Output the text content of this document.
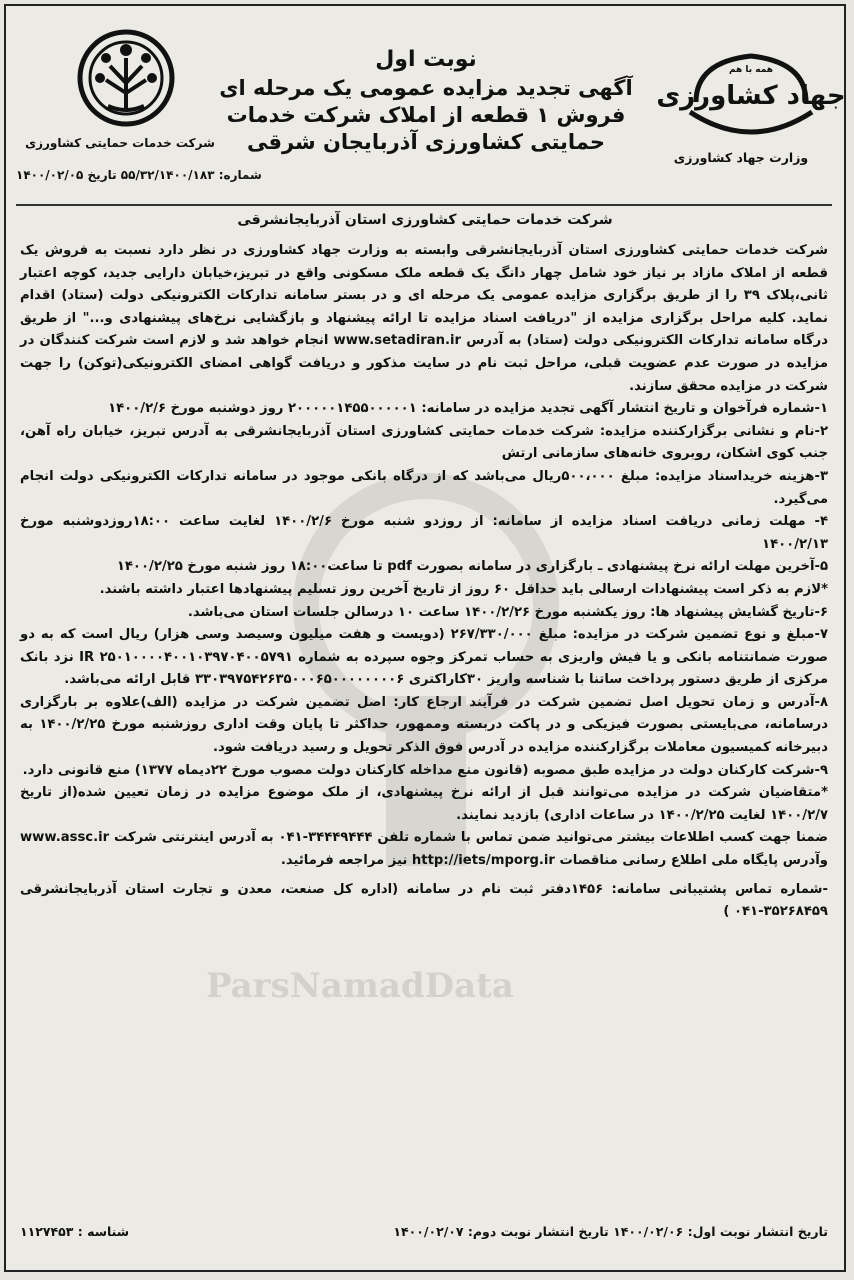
شرکت خدمات حمایتی کشاورزی
شماره: ۵۵/۳۲/۱۴۰۰/۱۸۳ تاریخ ۱۴۰۰/۰۲/۰۵
جهاد کشاورزی
همه با هم
وزارت جهاد کشاورزی
نوبت اول
آگهی تجدید مزایده عمومی یک مرحله ای
فروش ۱ قطعه از املاک شرکت خدمات
حمایتی کشاورزی آذربایجان شرقی
شرکت خدمات حمایتی کشاورزی استان آذربایجانشرقی
ParsNamadData

شرکت خدمات حمایتی کشاورزی استان آذربایجانشرقی وابسته به وزارت جهاد کشاورزی در نظر دارد نسبت به فروش یک قطعه از املاک مازاد بر نیاز خود شامل چهار دانگ یک قطعه ملک مسکونی واقع در تبریز،خیابان دارایی جدید، کوچه اعتبار ثانی،پلاک ۳۹ را از طریق برگزاری مزایده عمومی یک مرحله ای و در بستر سامانه تدارکات الکترونیکی دولت (ستاد) اقدام نماید. کلیه مراحل برگزاری مزایده از "دریافت اسناد مزایده تا ارائه پیشنهاد و بازگشایی نرخ‌های پیشنهادی و..." از طریق درگاه سامانه تدارکات الکترونیکی دولت (ستاد) به آدرس www.setadiran.ir انجام خواهد شد و لازم است شرکت کنندگان در مزایده در صورت عدم عضویت قبلی، مراحل ثبت نام در سایت مذکور و دریافت گواهی امضای الکترونیکی(توکن) را جهت شرکت در مزایده محقق سازند.

۱-شماره فرآخوان و تاریخ انتشار آگهی تجدید مزایده در سامانه: ۲۰۰۰۰۰۱۴۵۵۰۰۰۰۰۱ روز دوشنبه مورخ ۱۴۰۰/۲/۶

۲-نام و نشانی برگزارکننده مزایده: شرکت خدمات حمایتی کشاورزی استان آذربایجانشرقی به آدرس تبریز، خیابان راه آهن، جنب کوی اشکان، روبروی خانه‌های سازمانی ارتش

۳-هزینه خریداسناد مزایده: مبلغ ۵۰۰،۰۰۰ریال می‌باشد که از درگاه بانکی موجود در سامانه تدارکات الکترونیکی دولت انجام می‌گیرد.

۴- مهلت زمانی دریافت اسناد مزایده از سامانه: از روزدو شنبه مورخ ۱۴۰۰/۲/۶ لغایت ساعت ۱۸:۰۰روزدوشنبه مورخ ۱۴۰۰/۲/۱۳

۵-آخرین مهلت ارائه نرخ پیشنهادی ـ بارگزاری در سامانه بصورت pdf تا ساعت۱۸:۰۰ روز شنبه مورخ ۱۴۰۰/۲/۲۵

*لازم به ذکر است پیشنهادات ارسالی باید حداقل ۶۰ روز از تاریخ آخرین روز تسلیم پیشنهادها اعتبار داشته باشند.

۶-تاریخ گشایش پیشنهاد ها: روز یکشنبه مورخ ۱۴۰۰/۲/۲۶ ساعت ۱۰ درسالن جلسات استان می‌باشد.

۷-مبلغ و نوع تضمین شرکت در مزایده: مبلغ ۲۶۷/۳۳۰/۰۰۰ (دویست و هفت میلیون وسیصد وسی هزار) ریال است که به دو صورت ضمانتنامه بانکی و یا فیش واریزی به حساب تمرکز وجوه سپرده به شماره IR ۲۵۰۱۰۰۰۰۴۰۰۱۰۳۹۷۰۴۰۰۵۷۹۱ نزد بانک مرکزی از طریق دستور پرداخت ساتنا با شناسه واریز ۳۰کاراکتری ۳۳۰۳۹۷۵۴۲۶۳۵۰۰۰۶۵۰۰۰۰۰۰۰۰۶ قابل ارائه می‌باشد.

۸-آدرس و زمان تحویل اصل تضمین شرکت در فرآیند ارجاع کار: اصل تضمین شرکت در مزایده (الف)علاوه بر بارگزاری درسامانه، می‌بایستی بصورت فیزیکی و در پاکت دربسته وممهور، حداکثر تا پایان وقت اداری روزشنبه مورخ ۱۴۰۰/۲/۲۵ به دبیرخانه کمیسیون معاملات برگزارکننده مزایده در آدرس فوق الذکر تحویل و رسید دریافت شود.

۹-شرکت کارکنان دولت در مزایده طبق مصوبه (قانون منع مداخله کارکنان دولت مصوب مورخ ۲۲دیماه ۱۳۷۷) منع قانونی دارد.

*متقاضیان شرکت در مزایده می‌توانند قبل از ارائه نرخ پیشنهادی، از ملک موضوع مزایده در زمان تعیین شده(از تاریخ ۱۴۰۰/۲/۷ لغایت ۱۴۰۰/۲/۲۵ در ساعات اداری) بازدید نمایند.

ضمنا جهت کسب اطلاعات بیشتر می‌توانید ضمن تماس با شماره تلفن ۳۴۴۴۹۴۴۴-۰۴۱ به آدرس اینترنتی شرکت www.assc.ir وآدرس پایگاه ملی اطلاع رسانی مناقصات http://iets/mporg.ir نیز مراجعه فرمائید.

-شماره تماس پشتیبانی سامانه: ۱۴۵۶دفتر ثبت نام در سامانه (اداره کل صنعت، معدن و تجارت استان آذربایجانشرقی ۳۵۲۶۸۴۵۹-۰۴۱ )

تاریخ انتشار نوبت اول: ۱۴۰۰/۰۲/۰۶ تاریخ انتشار نوبت دوم: ۱۴۰۰/۰۲/۰۷
شناسه : ۱۱۲۷۴۵۳
